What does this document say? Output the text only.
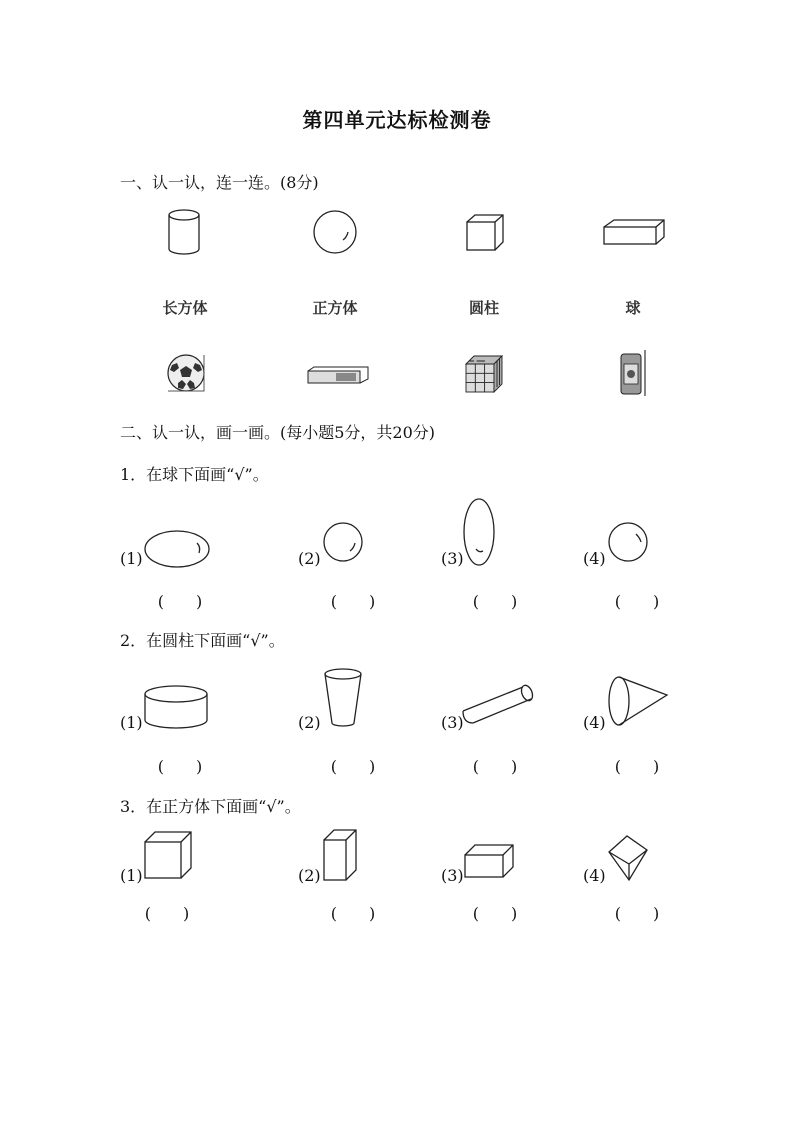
第四单元达标检测卷
一、认一认，连一连。(8分)
长方体	正方体	圆柱	球
二、认一认，画一画。(每小题5分，共20分)
1．在球下面画“√”。
(1)	(2)	(3)	(4)
(　　)	(　　)	(　　)	(　　)
2．在圆柱下面画“√”。
(1)	(2)	(3)	(4)
(　　)	(　　)	(　　)	(　　)
3．在正方体下面画“√”。
(1)	(2)	(3)	(4)
(　　)	(　　)	(　　)	(　　)
